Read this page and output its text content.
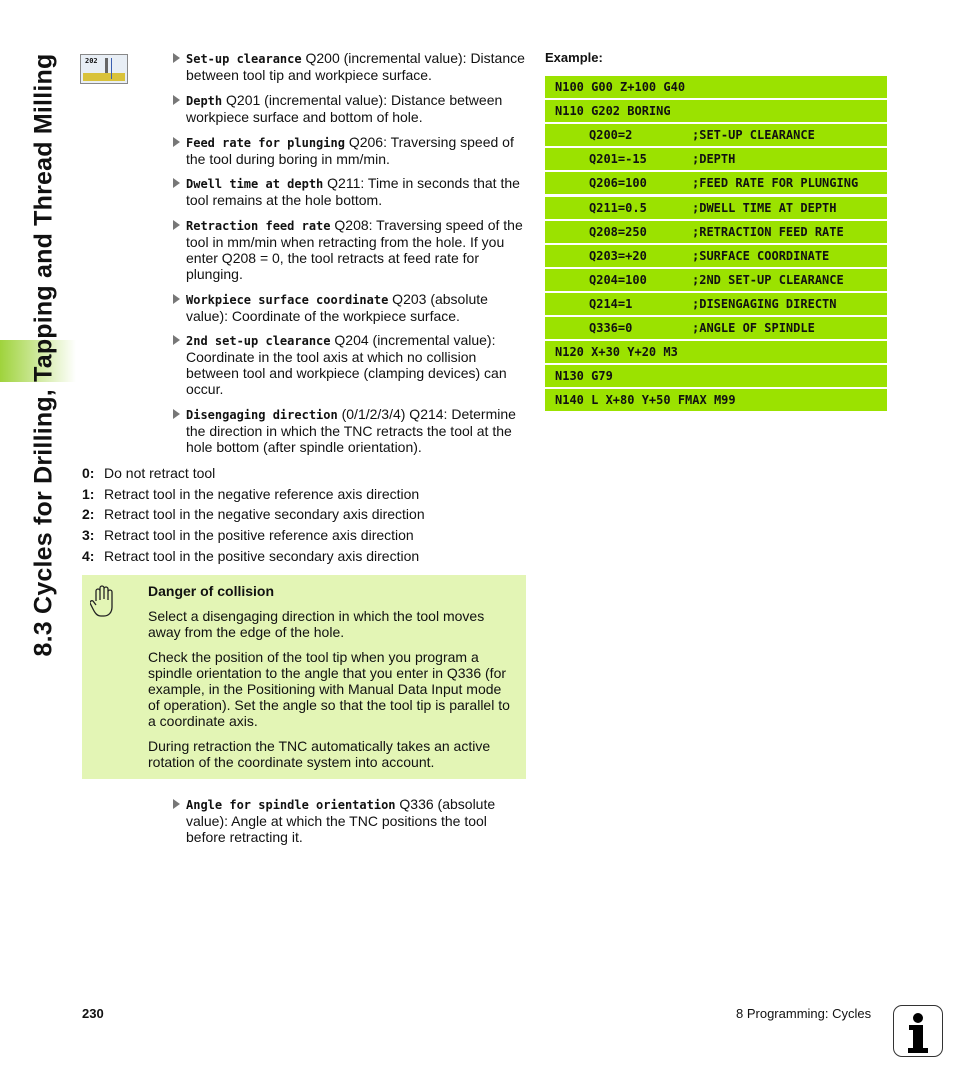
8.3 Cycles for Drilling, Tapping and Thread Milling	202	Set-up clearance Q200 (incremental value): Distance between tool tip and workpiece surface.
Depth Q201 (incremental value): Distance between workpiece surface and bottom of hole.
Feed rate for plunging Q206: Traversing speed of the tool during boring in mm/min.
Dwell time at depth Q211: Time in seconds that the tool remains at the hole bottom.
Retraction feed rate Q208: Traversing speed of the tool in mm/min when retracting from the hole. If you enter Q208 = 0, the tool retracts at feed rate for plunging.
Workpiece surface coordinate Q203 (absolute value): Coordinate of the workpiece surface.
2nd set-up clearance Q204 (incremental value): Coordinate in the tool axis at which no collision between tool and workpiece (clamping devices) can occur.
Disengaging direction (0/1/2/3/4) Q214: Determine the direction in which the TNC retracts the tool at the hole bottom (after spindle orientation).
0: Do not retract tool
1: Retract tool in the negative reference axis direction
2: Retract tool in the negative secondary axis direction
3: Retract tool in the positive reference axis direction
4: Retract tool in the positive secondary axis direction
Danger of collision
Select a disengaging direction in which the tool moves away from the edge of the hole.
Check the position of the tool tip when you program a spindle orientation to the angle that you enter in Q336 (for example, in the Positioning with Manual Data Input mode of operation). Set the angle so that the tool tip is parallel to a coordinate axis.
During retraction the TNC automatically takes an active rotation of the coordinate system into account.
Angle for spindle orientation Q336 (absolute value): Angle at which the TNC positions the tool before retracting it.
Example:
N100 G00 Z+100 G40
N110 G202 BORING
Q200=2	;SET-UP CLEARANCE
Q201=-15	;DEPTH
Q206=100	;FEED RATE FOR PLUNGING
Q211=0.5	;DWELL TIME AT DEPTH
Q208=250	;RETRACTION FEED RATE
Q203=+20	;SURFACE COORDINATE
Q204=100	;2ND SET-UP CLEARANCE
Q214=1	;DISENGAGING DIRECTN
Q336=0	;ANGLE OF SPINDLE
N120 X+30 Y+20 M3
N130 G79
N140 L X+80 Y+50 FMAX M99
230	8 Programming: Cycles
